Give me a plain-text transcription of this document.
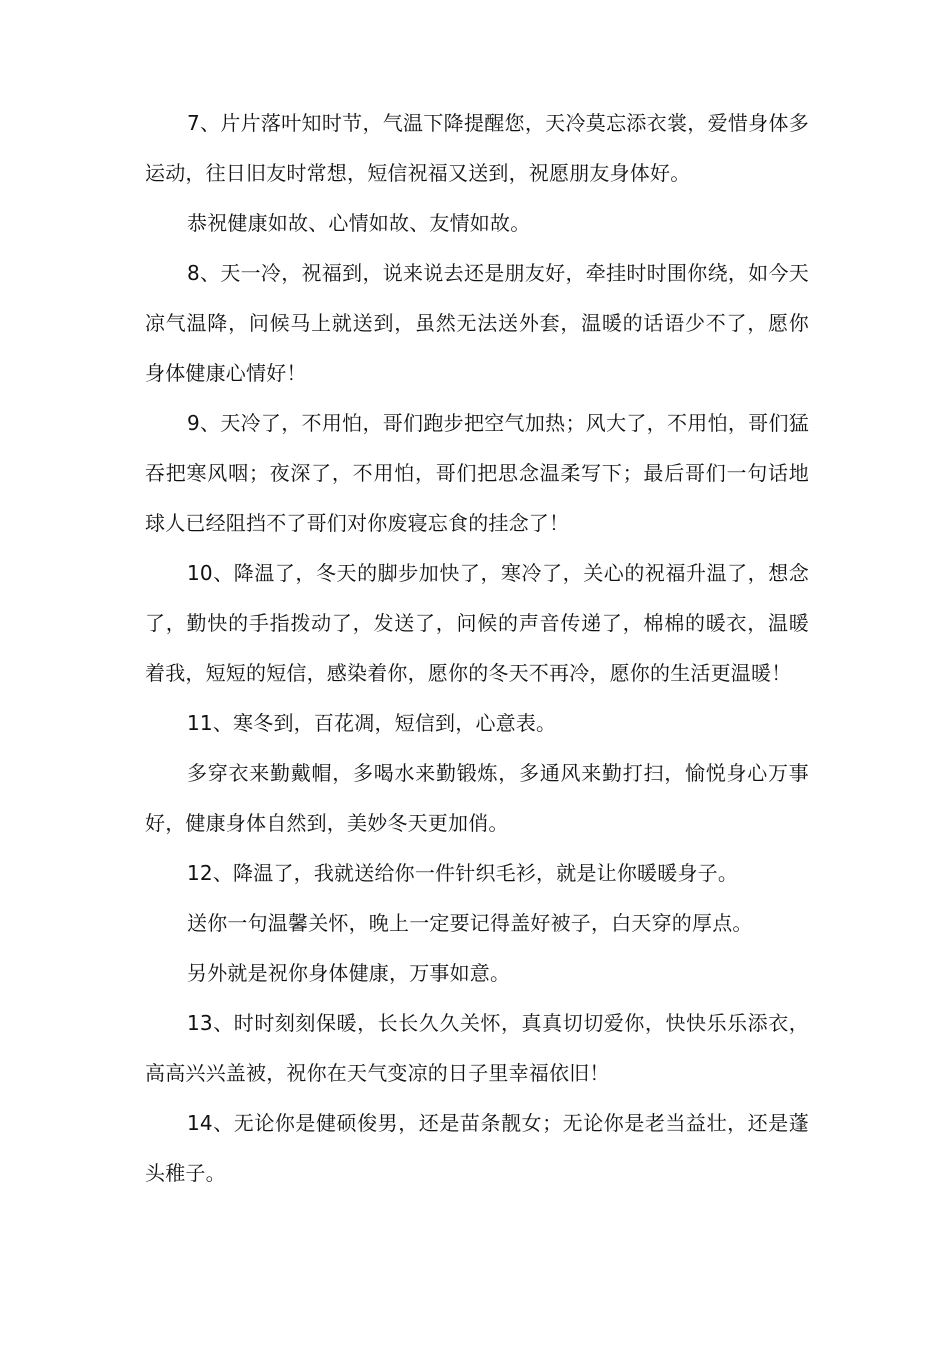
7、片片落叶知时节，气温下降提醒您，天冷莫忘添衣裳，爱惜身体多运动，往日旧友时常想，短信祝福又送到，祝愿朋友身体好。

恭祝健康如故、心情如故、友情如故。

8、天一冷，祝福到，说来说去还是朋友好，牵挂时时围你绕，如今天凉气温降，问候马上就送到，虽然无法送外套，温暖的话语少不了，愿你身体健康心情好！

9、天冷了，不用怕，哥们跑步把空气加热；风大了，不用怕，哥们猛吞把寒风咽；夜深了，不用怕，哥们把思念温柔写下；最后哥们一句话地球人已经阻挡不了哥们对你废寝忘食的挂念了！

10、降温了，冬天的脚步加快了，寒冷了，关心的祝福升温了，想念了，勤快的手指拨动了，发送了，问候的声音传递了，棉棉的暖衣，温暖着我，短短的短信，感染着你，愿你的冬天不再冷，愿你的生活更温暖！

11、寒冬到，百花凋，短信到，心意表。

多穿衣来勤戴帽，多喝水来勤锻炼，多通风来勤打扫，愉悦身心万事好，健康身体自然到，美妙冬天更加俏。

12、降温了，我就送给你一件针织毛衫，就是让你暖暖身子。

送你一句温馨关怀，晚上一定要记得盖好被子，白天穿的厚点。

另外就是祝你身体健康，万事如意。

13、时时刻刻保暖，长长久久关怀，真真切切爱你，快快乐乐添衣，高高兴兴盖被，祝你在天气变凉的日子里幸福依旧！

14、无论你是健硕俊男，还是苗条靓女；无论你是老当益壮，还是蓬头稚子。
